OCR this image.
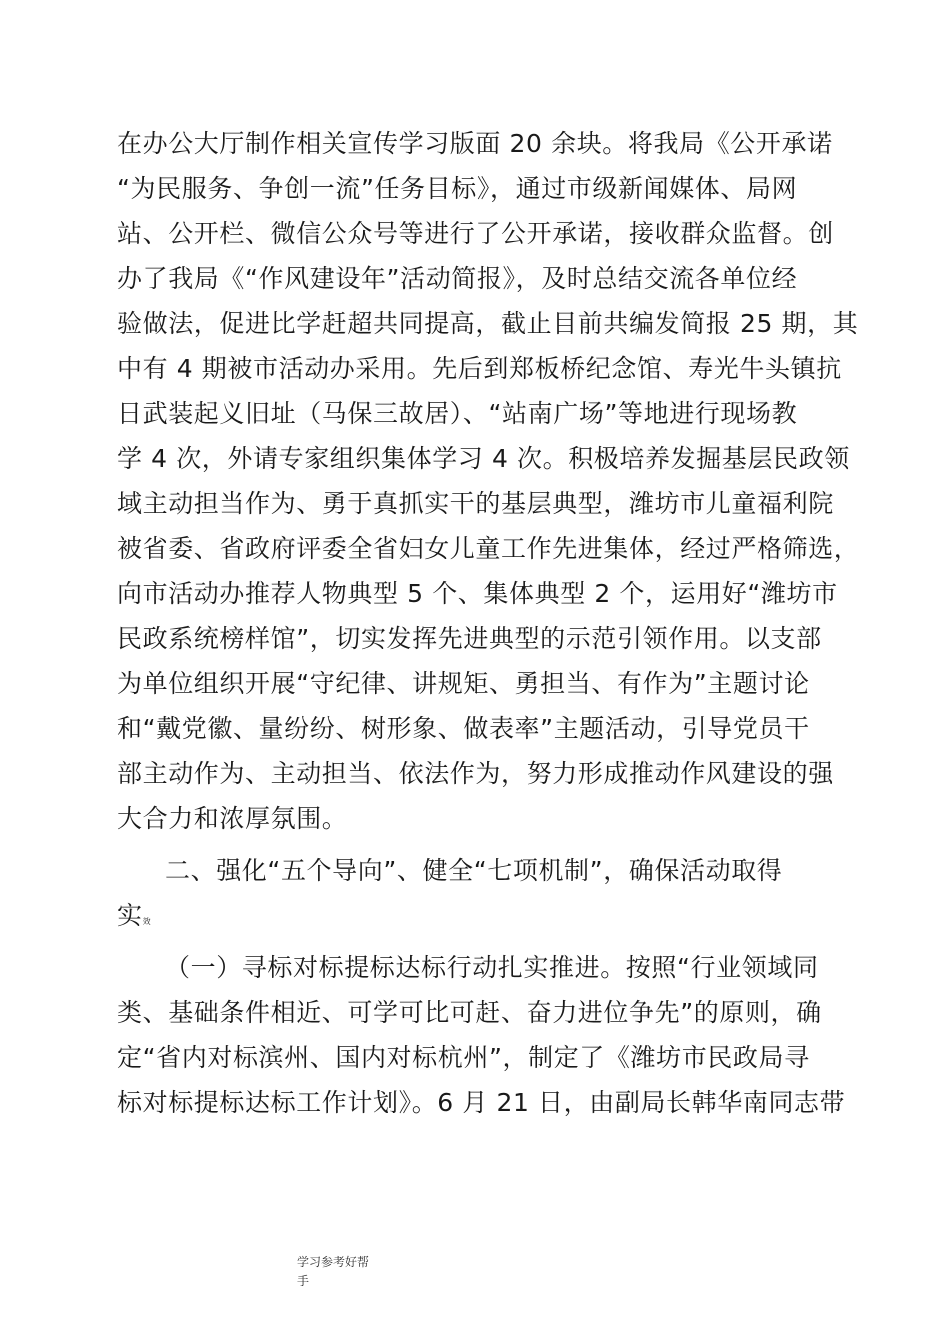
在办公大厅制作相关宣传学习版面 20 余块。将我局《公开承诺
“为民服务、争创一流”任务目标》，通过市级新闻媒体、局网
站、公开栏、微信公众号等进行了公开承诺，接收群众监督。创
办了我局《“作风建设年”活动简报》，及时总结交流各单位经
验做法，促进比学赶超共同提高，截止目前共编发简报 25 期，其
中有 4 期被市活动办采用。先后到郑板桥纪念馆、寿光牛头镇抗
日武装起义旧址（马保三故居）、“站南广场”等地进行现场教
学 4 次，外请专家组织集体学习 4 次。积极培养发掘基层民政领
域主动担当作为、勇于真抓实干的基层典型，潍坊市儿童福利院
被省委、省政府评委全省妇女儿童工作先进集体，经过严格筛选，
向市活动办推荐人物典型 5 个、集体典型 2 个，运用好“潍坊市
民政系统榜样馆”，切实发挥先进典型的示范引领作用。以支部
为单位组织开展“守纪律、讲规矩、勇担当、有作为”主题讨论
和“戴党徽、量纷纷、树形象、做表率”主题活动，引导党员干
部主动作为、主动担当、依法作为，努力形成推动作风建设的强
大合力和浓厚氛围。
二、强化“五个导向”、健全“七项机制”，确保活动取得
实效
（一）寻标对标提标达标行动扎实推进。按照“行业领域同
类、基础条件相近、可学可比可赶、奋力进位争先”的原则，确
定“省内对标滨州、国内对标杭州”，制定了《潍坊市民政局寻
标对标提标达标工作计划》。6 月 21 日，由副局长韩华南同志带
学习参考好帮
手
